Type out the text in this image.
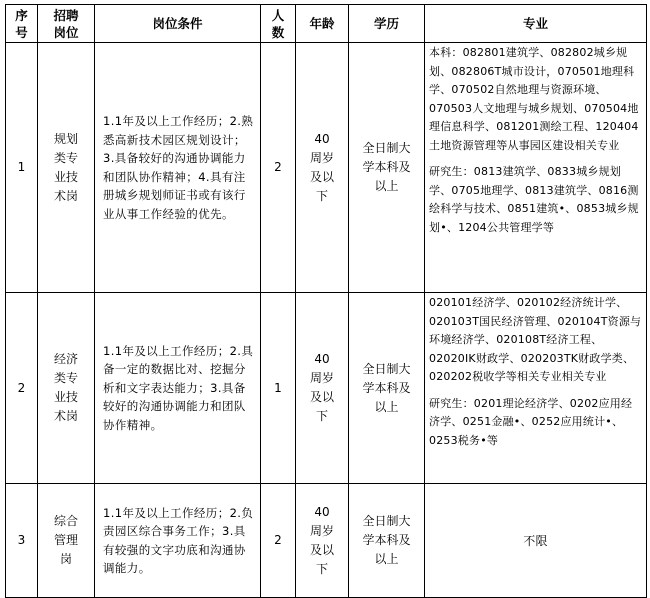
序号	招聘岗位	岗位条件	人数	年龄	学历	专业
1	规划类专业技术岗	1.1年及以上工作经历；2.熟悉高新技术园区规划设计；3.具备较好的沟通协调能力和团队协作精神；4.具有注册城乡规划师证书或有该行业从事工作经验的优先。	2	40周岁及以下	全日制大学本科及以上	本科：082801建筑学、082802城乡规划、082806T城市设计，070501地理科学、070502自然地理与资源环境、070503人文地理与城乡规划、070504地理信息科学、081201测绘工程、120404土地资源管理等从事园区建设相关专业

研究生：0813建筑学、0833城乡规划学、0705地理学、0813建筑学、0816测绘科学与技术、0851建筑•、0853城乡规划•、1204公共管理学等

2	经济类专业技术岗	1.1年及以上工作经历；2.具备一定的数据比对、挖掘分析和文字表达能力；3.具备较好的沟通协调能力和团队协作精神。	1	40周岁及以下	全日制大学本科及以上	020101经济学、020102经济统计学、020103T国民经济管理、020104T资源与环境经济学、020108T经济工程、02020IK财政学、020203TK财政学类、020202税收学等相关专业相关专业

研究生：0201理论经济学、0202应用经济学、0251金融•、0252应用统计•、0253税务•等

3	综合管理岗	1.1年及以上工作经历；2.负责园区综合事务工作；3.具有较强的文字功底和沟通协调能力。	2	40周岁及以下	全日制大学本科及以上	不限
